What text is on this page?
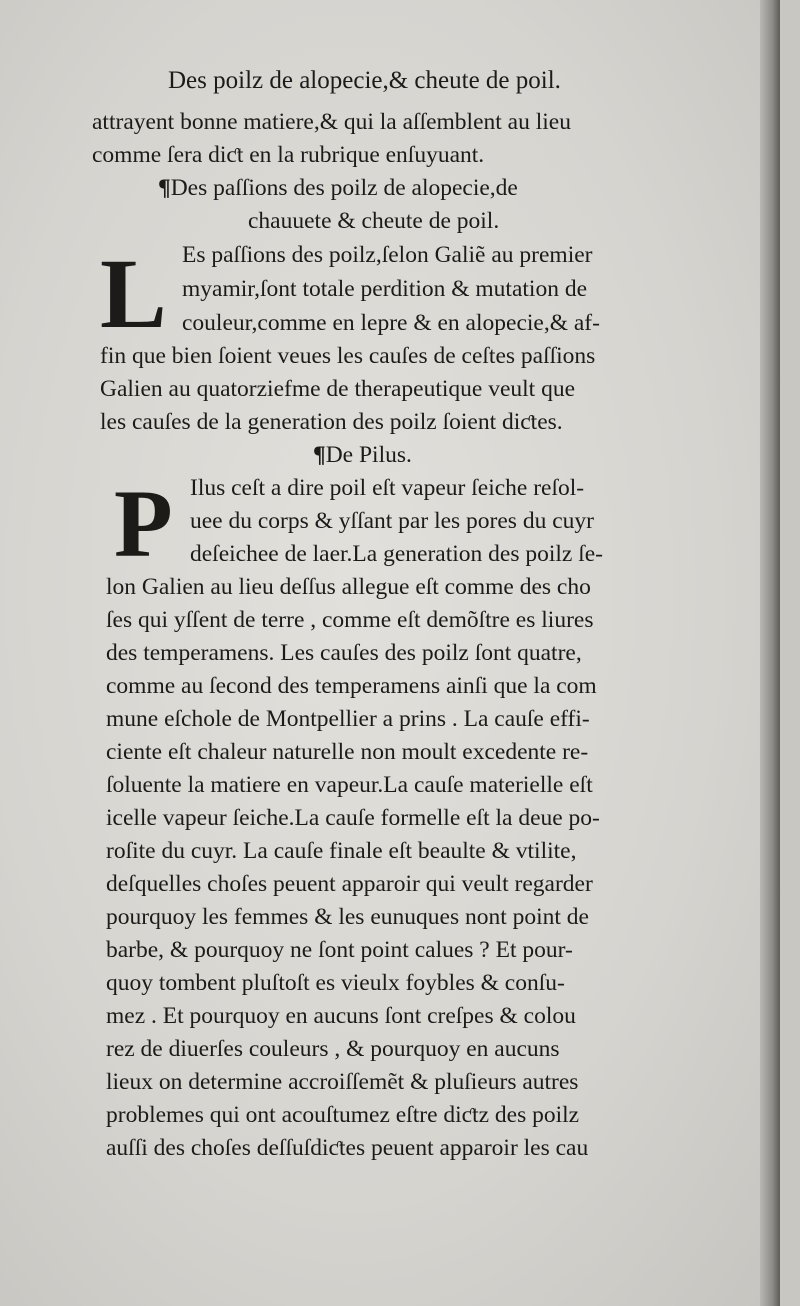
Des poilz de alopecie,& cheute de poil.
attrayent bonne matiere,& qui la aſſemblent au lieu
comme ſera diƈt en la rubrique enſuyuant.
¶Des paſſions des poilz de alopecie,de
chauuete & cheute de poil.
L Es paſſions des poilz,ſelon Galiẽ au premier
myamir,ſont totale perdition & mutation de
couleur,comme en lepre & en alopecie,& af-
fin que bien ſoient veues les cauſes de ceſtes paſſions
Galien au quatorziefme de therapeutique veult que
les cauſes de la generation des poilz ſoient diƈtes.
¶De Pilus.
P Ilus ceſt a dire poil eſt vapeur ſeiche reſol-
uee du corps & yſſant par les pores du cuyr
deſeichee de laer.La generation des poilz ſe-
lon Galien au lieu deſſus allegue eſt comme des cho
ſes qui yſſent de terre , comme eſt demõſtre es liures
des temperamens. Les cauſes des poilz ſont quatre,
comme au ſecond des temperamens ainſi que la com
mune eſchole de Montpellier a prins . La cauſe effi-
ciente eſt chaleur naturelle non moult excedente re-
ſoluente la matiere en vapeur.La cauſe materielle eſt
icelle vapeur ſeiche.La cauſe formelle eſt la deue po-
roſite du cuyr. La cauſe finale eſt beaulte & vtilite,
deſquelles choſes peuent apparoir qui veult regarder
pourquoy les femmes & les eunuques nont point de
barbe, & pourquoy ne ſont point calues ? Et pour-
quoy tombent pluſtoſt es vieulx foybles & conſu-
mez . Et pourquoy en aucuns ſont creſpes & colou
rez de diuerſes couleurs , & pourquoy en aucuns
lieux on determine accroiſſemẽt & pluſieurs autres
problemes qui ont acouſtumez eſtre diƈtz des poilz
auſſi des choſes deſſuſdiƈtes peuent apparoir les cau
